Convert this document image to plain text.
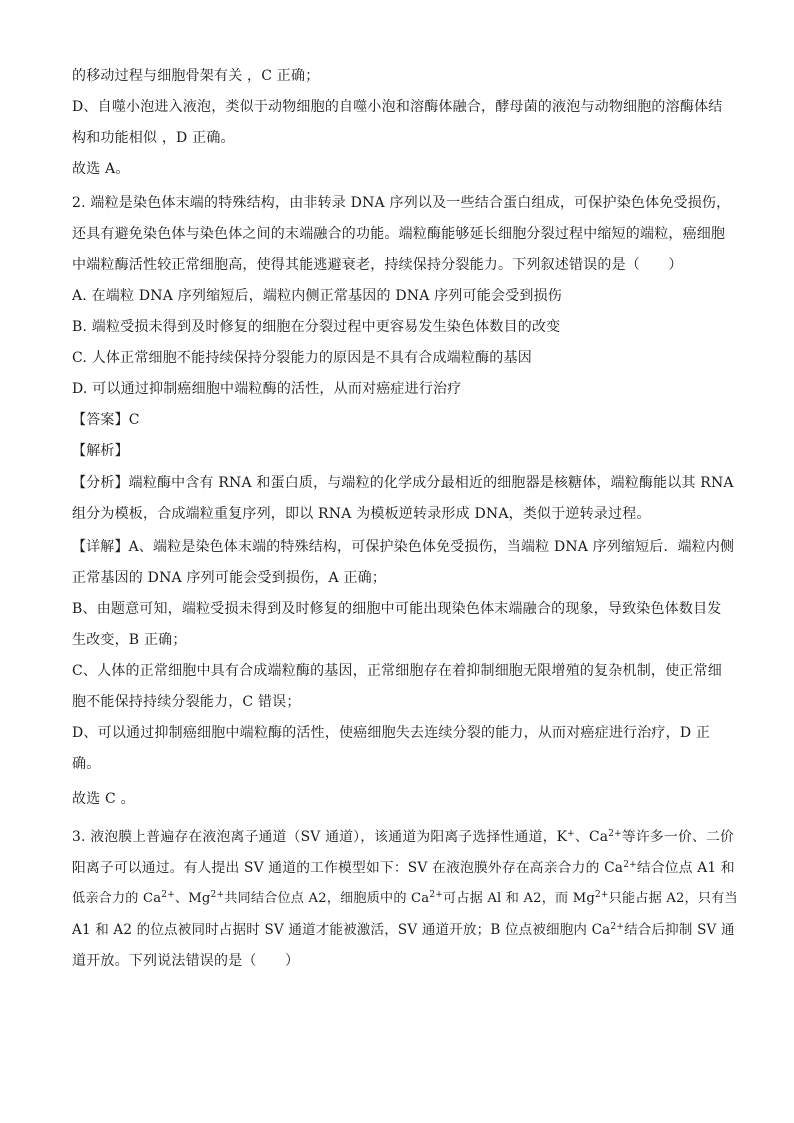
的移动过程与细胞骨架有关 ，C 正确；
D、自噬小泡进入液泡，类似于动物细胞的自噬小泡和溶酶体融合，酵母菌的液泡与动物细胞的溶酶体结
构和功能相似 ，D 正确。
故选 A。
2. 端粒是染色体末端的特殊结构，由非转录 DNA 序列以及一些结合蛋白组成，可保护染色体免受损伤，
还具有避免染色体与染色体之间的末端融合的功能。端粒酶能够延长细胞分裂过程中缩短的端粒，癌细胞
中端粒酶活性较正常细胞高，使得其能逃避衰老，持续保持分裂能力。下列叙述错误的是（　　）
A. 在端粒 DNA 序列缩短后，端粒内侧正常基因的 DNA 序列可能会受到损伤
B. 端粒受损未得到及时修复的细胞在分裂过程中更容易发生染色体数目的改变
C. 人体正常细胞不能持续保持分裂能力的原因是不具有合成端粒酶的基因
D. 可以通过抑制癌细胞中端粒酶的活性，从而对癌症进行治疗
【答案】C
【解析】
【分析】端粒酶中含有 RNA 和蛋白质，与端粒的化学成分最相近的细胞器是核糖体，端粒酶能以其 RNA
组分为模板，合成端粒重复序列，即以 RNA 为模板逆转录形成 DNA，类似于逆转录过程。
【详解】A、端粒是染色体末端的特殊结构，可保护染色体免受损伤，当端粒 DNA 序列缩短后．端粒内侧
正常基因的 DNA 序列可能会受到损伤，A 正确；
B、由题意可知，端粒受损未得到及时修复的细胞中可能出现染色体末端融合的现象，导致染色体数目发
生改变，B 正确；
C、人体的正常细胞中具有合成端粒酶的基因，正常细胞存在着抑制细胞无限增殖的复杂机制，使正常细
胞不能保持持续分裂能力，C 错误；
D、可以通过抑制癌细胞中端粒酶的活性，使癌细胞失去连续分裂的能力，从而对癌症进行治疗，D 正
确。
故选 C 。
3. 液泡膜上普遍存在液泡离子通道（SV 通道），该通道为阳离子选择性通道，K+、$Ca^{2+}$等许多一价、二价
阳离子可以通过。有人提出 SV 通道的工作模型如下：SV 在液泡膜外存在高亲合力的 $Ca^{2+}$结合位点 A1 和
低亲合力的 $Ca^{2+}$、$Mg^{2+}$共同结合位点 A2，细胞质中的 $Ca^{2+}$可占据 Al 和 A2，而 $Mg^{2+}$只能占据 A2，只有当
A1 和 A2 的位点被同时占据时 SV 通道才能被激活，SV 通道开放；B 位点被细胞内 $Ca^{2+}$结合后抑制 SV 通
道开放。下列说法错误的是（　　）
